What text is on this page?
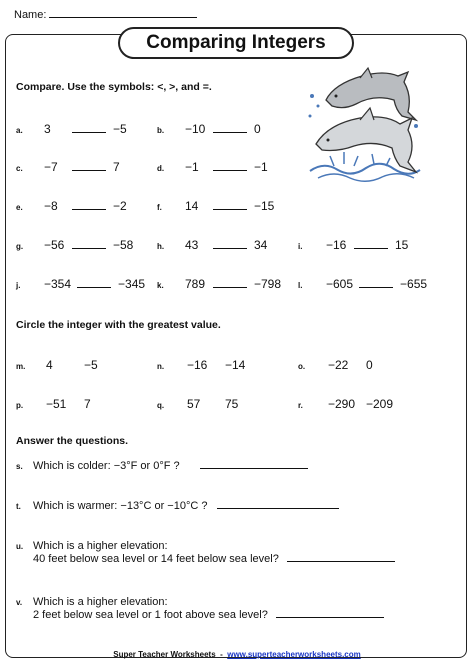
Name:
Comparing Integers
Compare. Use the symbols: <, >, and =.
a.	3	−5	b.	−10	0
c.	−7	7	d.	−1	−1
e.	−8	−2	f.	14	−15
g.	−56	−58	h.	43	34	i.	−16	15
j.	−354	−345 k.	789	−798 l.	−605	−655
Circle the integer with the greatest value.
m.	4	−5	n.	−16	−14	o.	−22	0
p.	−51	7	q.	57	75	r.	−290 −209
Answer the questions.
s. Which is colder: −3°F or 0°F ?
t. Which is warmer: −13°C or −10°C ?
u. Which is a higher elevation:
40 feet below sea level or 14 feet below sea level?
v. Which is a higher elevation:
2 feet below sea level or 1 foot above sea level?
Super Teacher Worksheets  -  www.superteacherworksheets.com
